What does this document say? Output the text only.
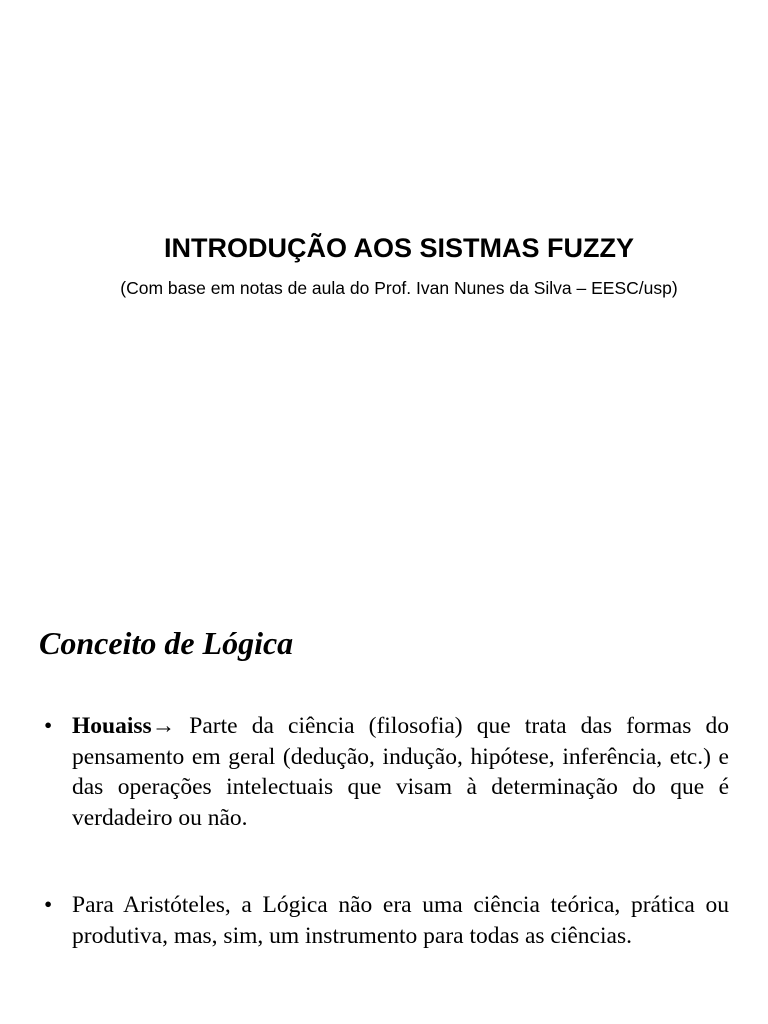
INTRODUÇÃO AOS SISTMAS FUZZY
(Com base em notas de aula do Prof. Ivan Nunes da Silva – EESC/usp)
Conceito de Lógica
• Houaiss→ Parte da ciência (filosofia) que trata das formas do pensamento em geral (dedução, indução, hipótese, inferência, etc.) e das operações intelectuais que visam à determinação do que é verdadeiro ou não.
• Para Aristóteles, a Lógica não era uma ciência teórica, prática ou produtiva, mas, sim, um instrumento para todas as ciências.
